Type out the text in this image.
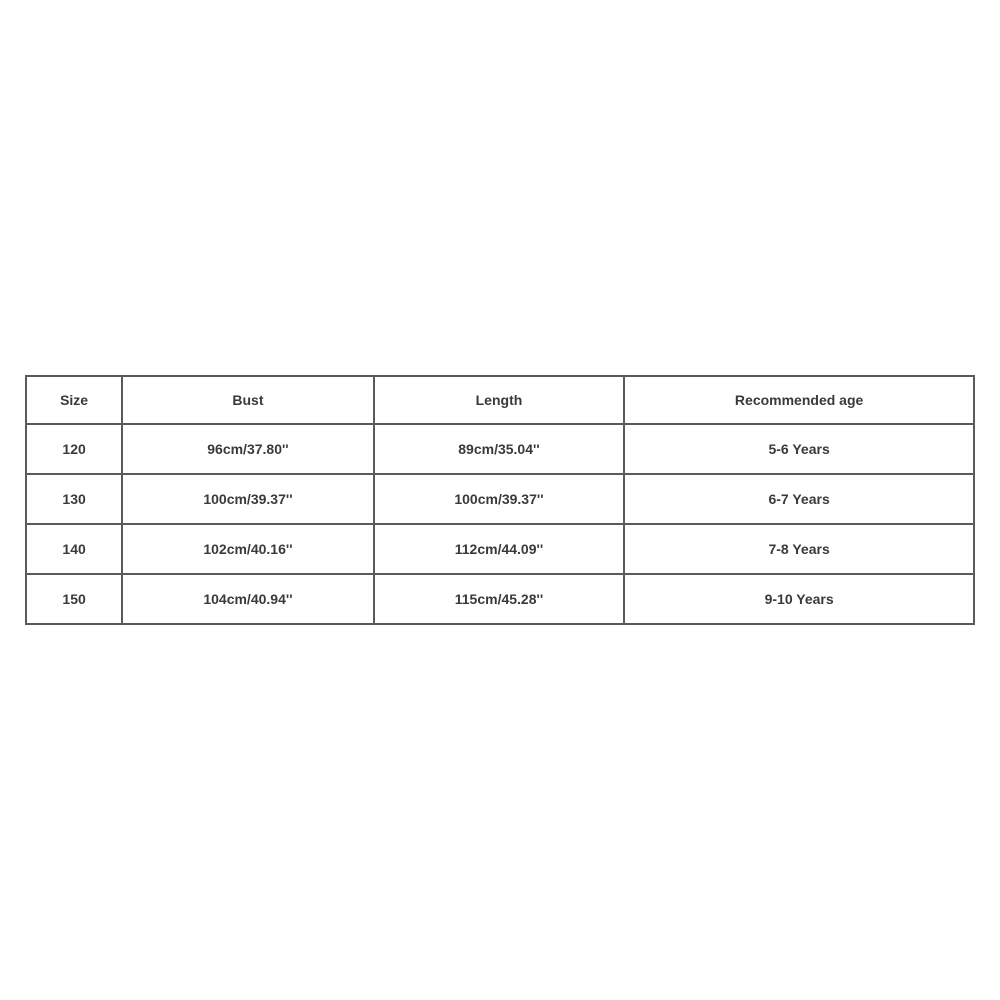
Size	Bust	Length	Recommended age
120	96cm/37.80''	89cm/35.04''	5-6 Years
130	100cm/39.37''	100cm/39.37''	6-7 Years
140	102cm/40.16''	112cm/44.09''	7-8 Years
150	104cm/40.94''	115cm/45.28''	9-10 Years
